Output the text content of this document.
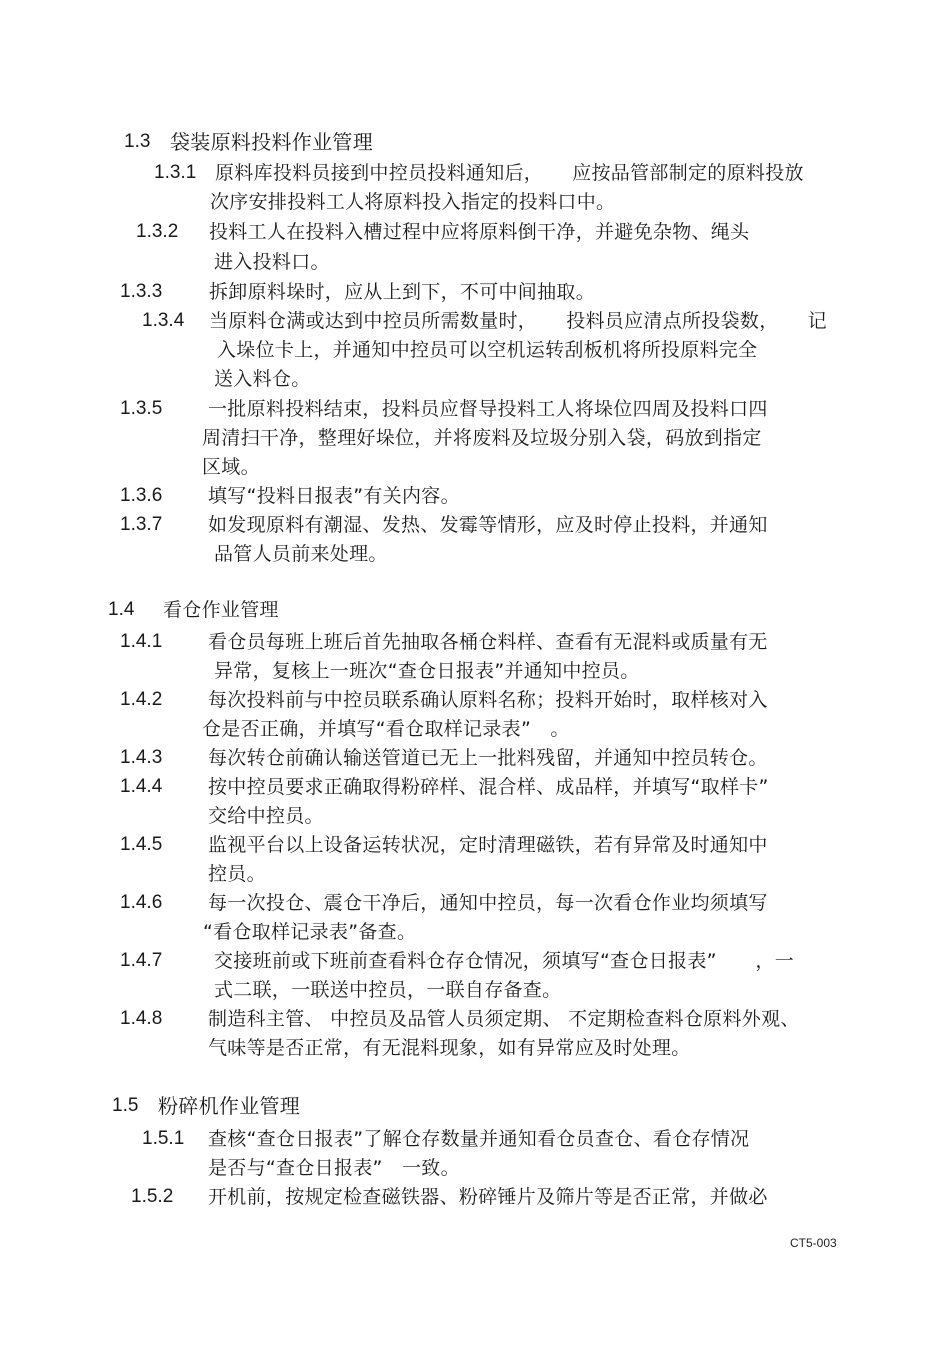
1.3 袋装原料投料作业管理
1.3.1 原料库投料员接到中控员投料通知后，　　应按品管部制定的原料投放
次序安排投料工人将原料投入指定的投料口中。
1.3.2 投料工人在投料入槽过程中应将原料倒干净，并避免杂物、绳头
进入投料口。
1.3.3 拆卸原料垛时，应从上到下，不可中间抽取。
1.3.4 当原料仓满或达到中控员所需数量时，　　投料员应清点所投袋数，　　记
入垛位卡上，并通知中控员可以空机运转刮板机将所投原料完全
送入料仓。
1.3.5 一批原料投料结束，投料员应督导投料工人将垛位四周及投料口四
周清扫干净，整理好垛位，并将废料及垃圾分别入袋，码放到指定
区域。
1.3.6 填写“投料日报表”有关内容。
1.3.7 如发现原料有潮湿、发热、发霉等情形，应及时停止投料，并通知
品管人员前来处理。
1.4 看仓作业管理
1.4.1 看仓员每班上班后首先抽取各桶仓料样、查看有无混料或质量有无
异常，复核上一班次“查仓日报表”并通知中控员。
1.4.2 每次投料前与中控员联系确认原料名称；投料开始时，取样核对入
仓是否正确，并填写“看仓取样记录表”　。
1.4.3 每次转仓前确认输送管道已无上一批料残留，并通知中控员转仓。
1.4.4 按中控员要求正确取得粉碎样、混合样、成品样，并填写“取样卡”
交给中控员。
1.4.5 监视平台以上设备运转状况，定时清理磁铁，若有异常及时通知中
控员。
1.4.6 每一次投仓、震仓干净后，通知中控员，每一次看仓作业均须填写
“看仓取样记录表”备查。
1.4.7	交接班前或下班前查看料仓存仓情况，须填写“查仓日报表”　　，一
式二联，一联送中控员，一联自存备查。
1.4.8 制造科主管、 中控员及品管人员须定期、 不定期检查料仓原料外观、
气味等是否正常，有无混料现象，如有异常应及时处理。
1.5 粉碎机作业管理
1.5.1 查核“查仓日报表”了解仓存数量并通知看仓员查仓、看仓存情况
是否与“查仓日报表”　一致。
1.5.2 开机前，按规定检查磁铁器、粉碎锤片及筛片等是否正常，并做必
CT5-003
